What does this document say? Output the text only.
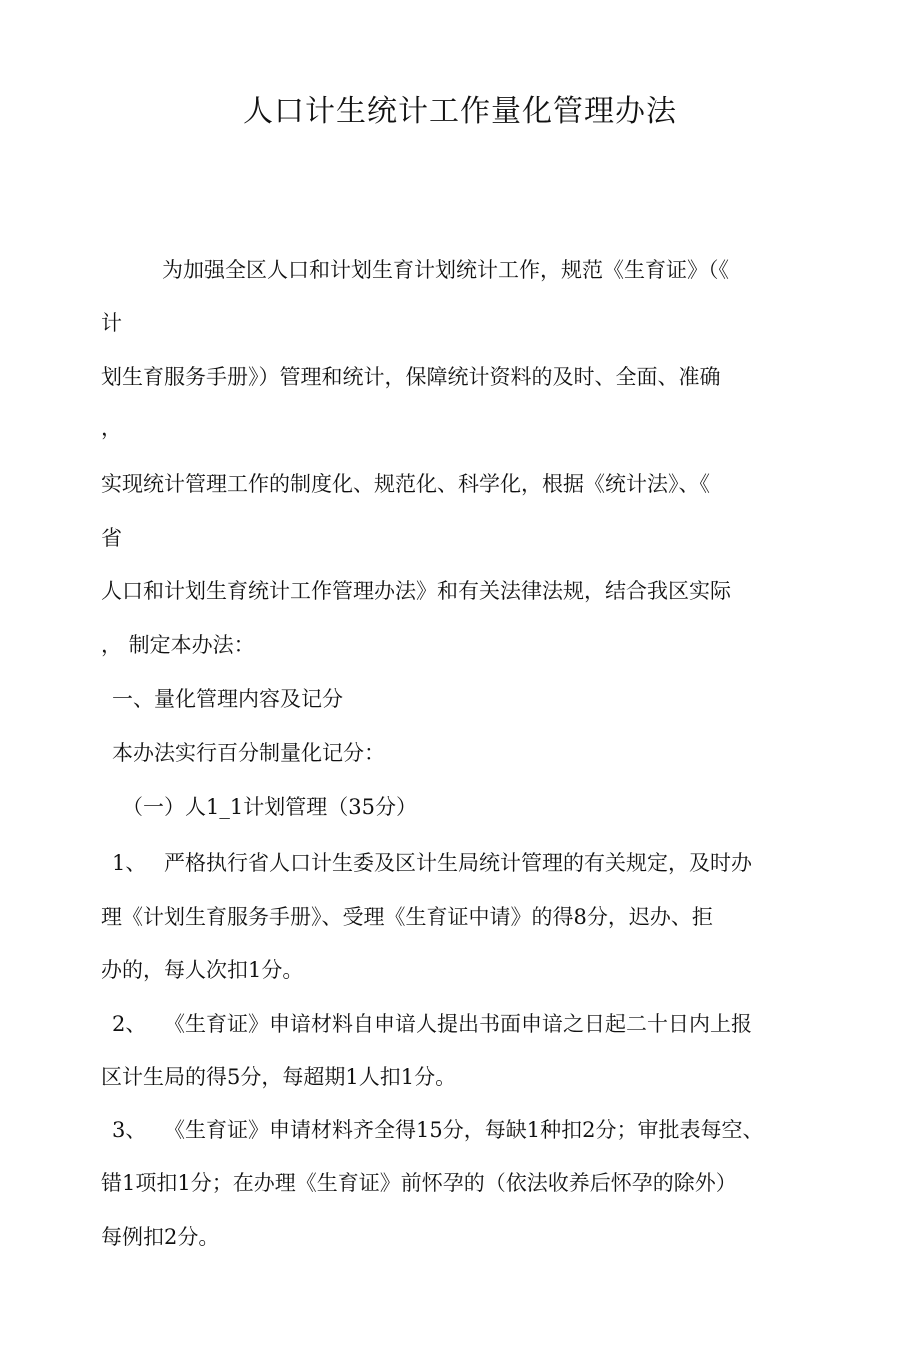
人口计生统计工作量化管理办法
为加强全区人口和计划生育计划统计工作，规范《生育证》（《
计
划生育服务手册》）管理和统计，保障统计资料的及时、全面、准确
，
实现统计管理工作的制度化、规范化、科学化，根据《统计法》、《
省
人口和计划生育统计工作管理办法》和有关法律法规，结合我区实际
， 制定本办法：
一、量化管理内容及记分
本办法实行百分制量化记分：
（一）人1_1计划管理（35分）
1、 严格执行省人口计生委及区计生局统计管理的有关规定，及时办
理《计划生育服务手册》、受理《生育证中请》的得8分，迟办、拒
办的，每人次扣1分。
2、 《生育证》申谙材料自申谙人提出书面申谙之日起二十日内上报
区计生局的得5分，每超期1人扣1分。
3、 《生育证》申请材料齐全得15分，每缺1种扣2分；审批表每空、
错1项扣1分；在办理《生育证》前怀孕的（依法收养后怀孕的除外）
每例扣2分。
